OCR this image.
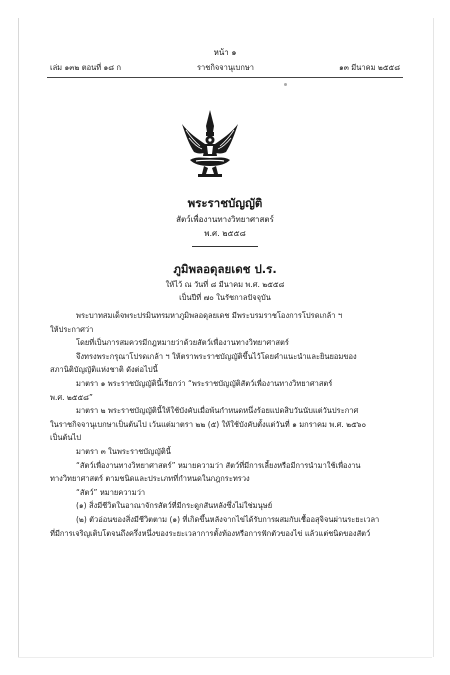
หน้า ๑
เล่ม ๑๓๒ ตอนที่ ๑๘ ก	ราชกิจจานุเบกษา	๑๓ มีนาคม ๒๕๕๘
พระราชบัญญัติ
สัตว์เพื่องานทางวิทยาศาสตร์
พ.ศ. ๒๕๕๘
ภูมิพลอดุลยเดช ป.ร.
ให้ไว้ ณ วันที่ ๘ มีนาคม พ.ศ. ๒๕๕๘
เป็นปีที่ ๗๐ ในรัชกาลปัจจุบัน
พระบาทสมเด็จพระปรมินทรมหาภูมิพลอดุลยเดช มีพระบรมราชโองการโปรดเกล้า ฯ
ให้ประกาศว่า
โดยที่เป็นการสมควรมีกฎหมายว่าด้วยสัตว์เพื่องานทางวิทยาศาสตร์
จึงทรงพระกรุณาโปรดเกล้า ฯ ให้ตราพระราชบัญญัติขึ้นไว้โดยคำแนะนำและยินยอมของ
สภานิติบัญญัติแห่งชาติ ดังต่อไปนี้
มาตรา ๑ พระราชบัญญัตินี้เรียกว่า “พระราชบัญญัติสัตว์เพื่องานทางวิทยาศาสตร์
พ.ศ. ๒๕๕๘”
มาตรา ๒ พระราชบัญญัตินี้ให้ใช้บังคับเมื่อพ้นกำหนดหนึ่งร้อยแปดสิบวันนับแต่วันประกาศ
ในราชกิจจานุเบกษาเป็นต้นไป เว้นแต่มาตรา ๒๒ (๕) ให้ใช้บังคับตั้งแต่วันที่ ๑ มกราคม พ.ศ. ๒๕๖๐
เป็นต้นไป
มาตรา ๓ ในพระราชบัญญัตินี้
“สัตว์เพื่องานทางวิทยาศาสตร์” หมายความว่า สัตว์ที่มีการเลี้ยงหรือมีการนำมาใช้เพื่องาน
ทางวิทยาศาสตร์ ตามชนิดและประเภทที่กำหนดในกฎกระทรวง
“สัตว์” หมายความว่า
(๑) สิ่งมีชีวิตในอาณาจักรสัตว์ที่มีกระดูกสันหลังซึ่งไม่ใช่มนุษย์
(๒) ตัวอ่อนของสิ่งมีชีวิตตาม (๑) ที่เกิดขึ้นหลังจากไข่ได้รับการผสมกับเชื้ออสุจิจนผ่านระยะเวลา
ที่มีการเจริญเติบโตจนถึงครึ่งหนึ่งของระยะเวลาการตั้งท้องหรือการฟักตัวของไข่ แล้วแต่ชนิดของสัตว์
